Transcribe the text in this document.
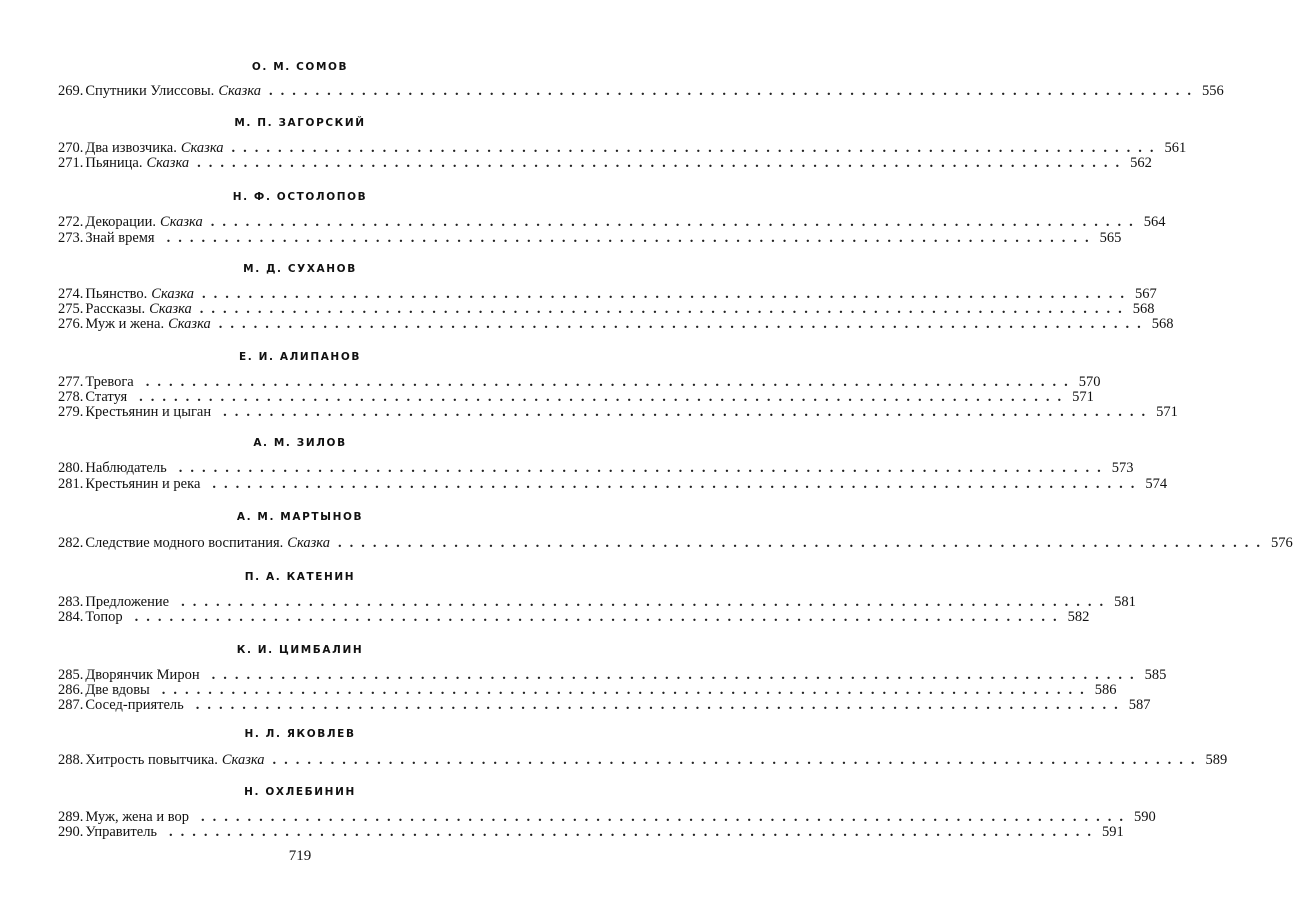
О. М. СОМОВ
269. Спутники Улиссовы. Сказка ................................................................................ 556
М. П. ЗАГОРСКИЙ
270. Два извозчика. Сказка ................................................................................ 561
271. Пьяница. Сказка ................................................................................ 562
Н. Ф. ОСТОЛОПОВ
272. Декорации. Сказка ................................................................................ 564
273. Знай время ................................................................................ 565
М. Д. СУХАНОВ
274. Пьянство. Сказка ................................................................................ 567
275. Рассказы. Сказка ................................................................................ 568
276. Муж и жена. Сказка ................................................................................ 568
Е. И. АЛИПАНОВ
277. Тревога ................................................................................ 570
278. Статуя ................................................................................ 571
279. Крестьянин и цыган ................................................................................ 571
А. М. ЗИЛОВ
280. Наблюдатель ................................................................................ 573
281. Крестьянин и река ................................................................................ 574
А. М. МАРТЫНОВ
282. Следствие модного воспитания. Сказка ................................................................................ 576
П. А. КАТЕНИН
283. Предложение ................................................................................ 581
284. Топор ................................................................................ 582
К. И. ЦИМБАЛИН
285. Дворянчик Мирон ................................................................................ 585
286. Две вдовы ................................................................................ 586
287. Сосед-приятель ................................................................................ 587
Н. Л. ЯКОВЛЕВ
288. Хитрость повытчика. Сказка ................................................................................ 589
Н. ОХЛЕБИНИН
289. Муж, жена и вор ................................................................................ 590
290. Управитель ................................................................................ 591
719
